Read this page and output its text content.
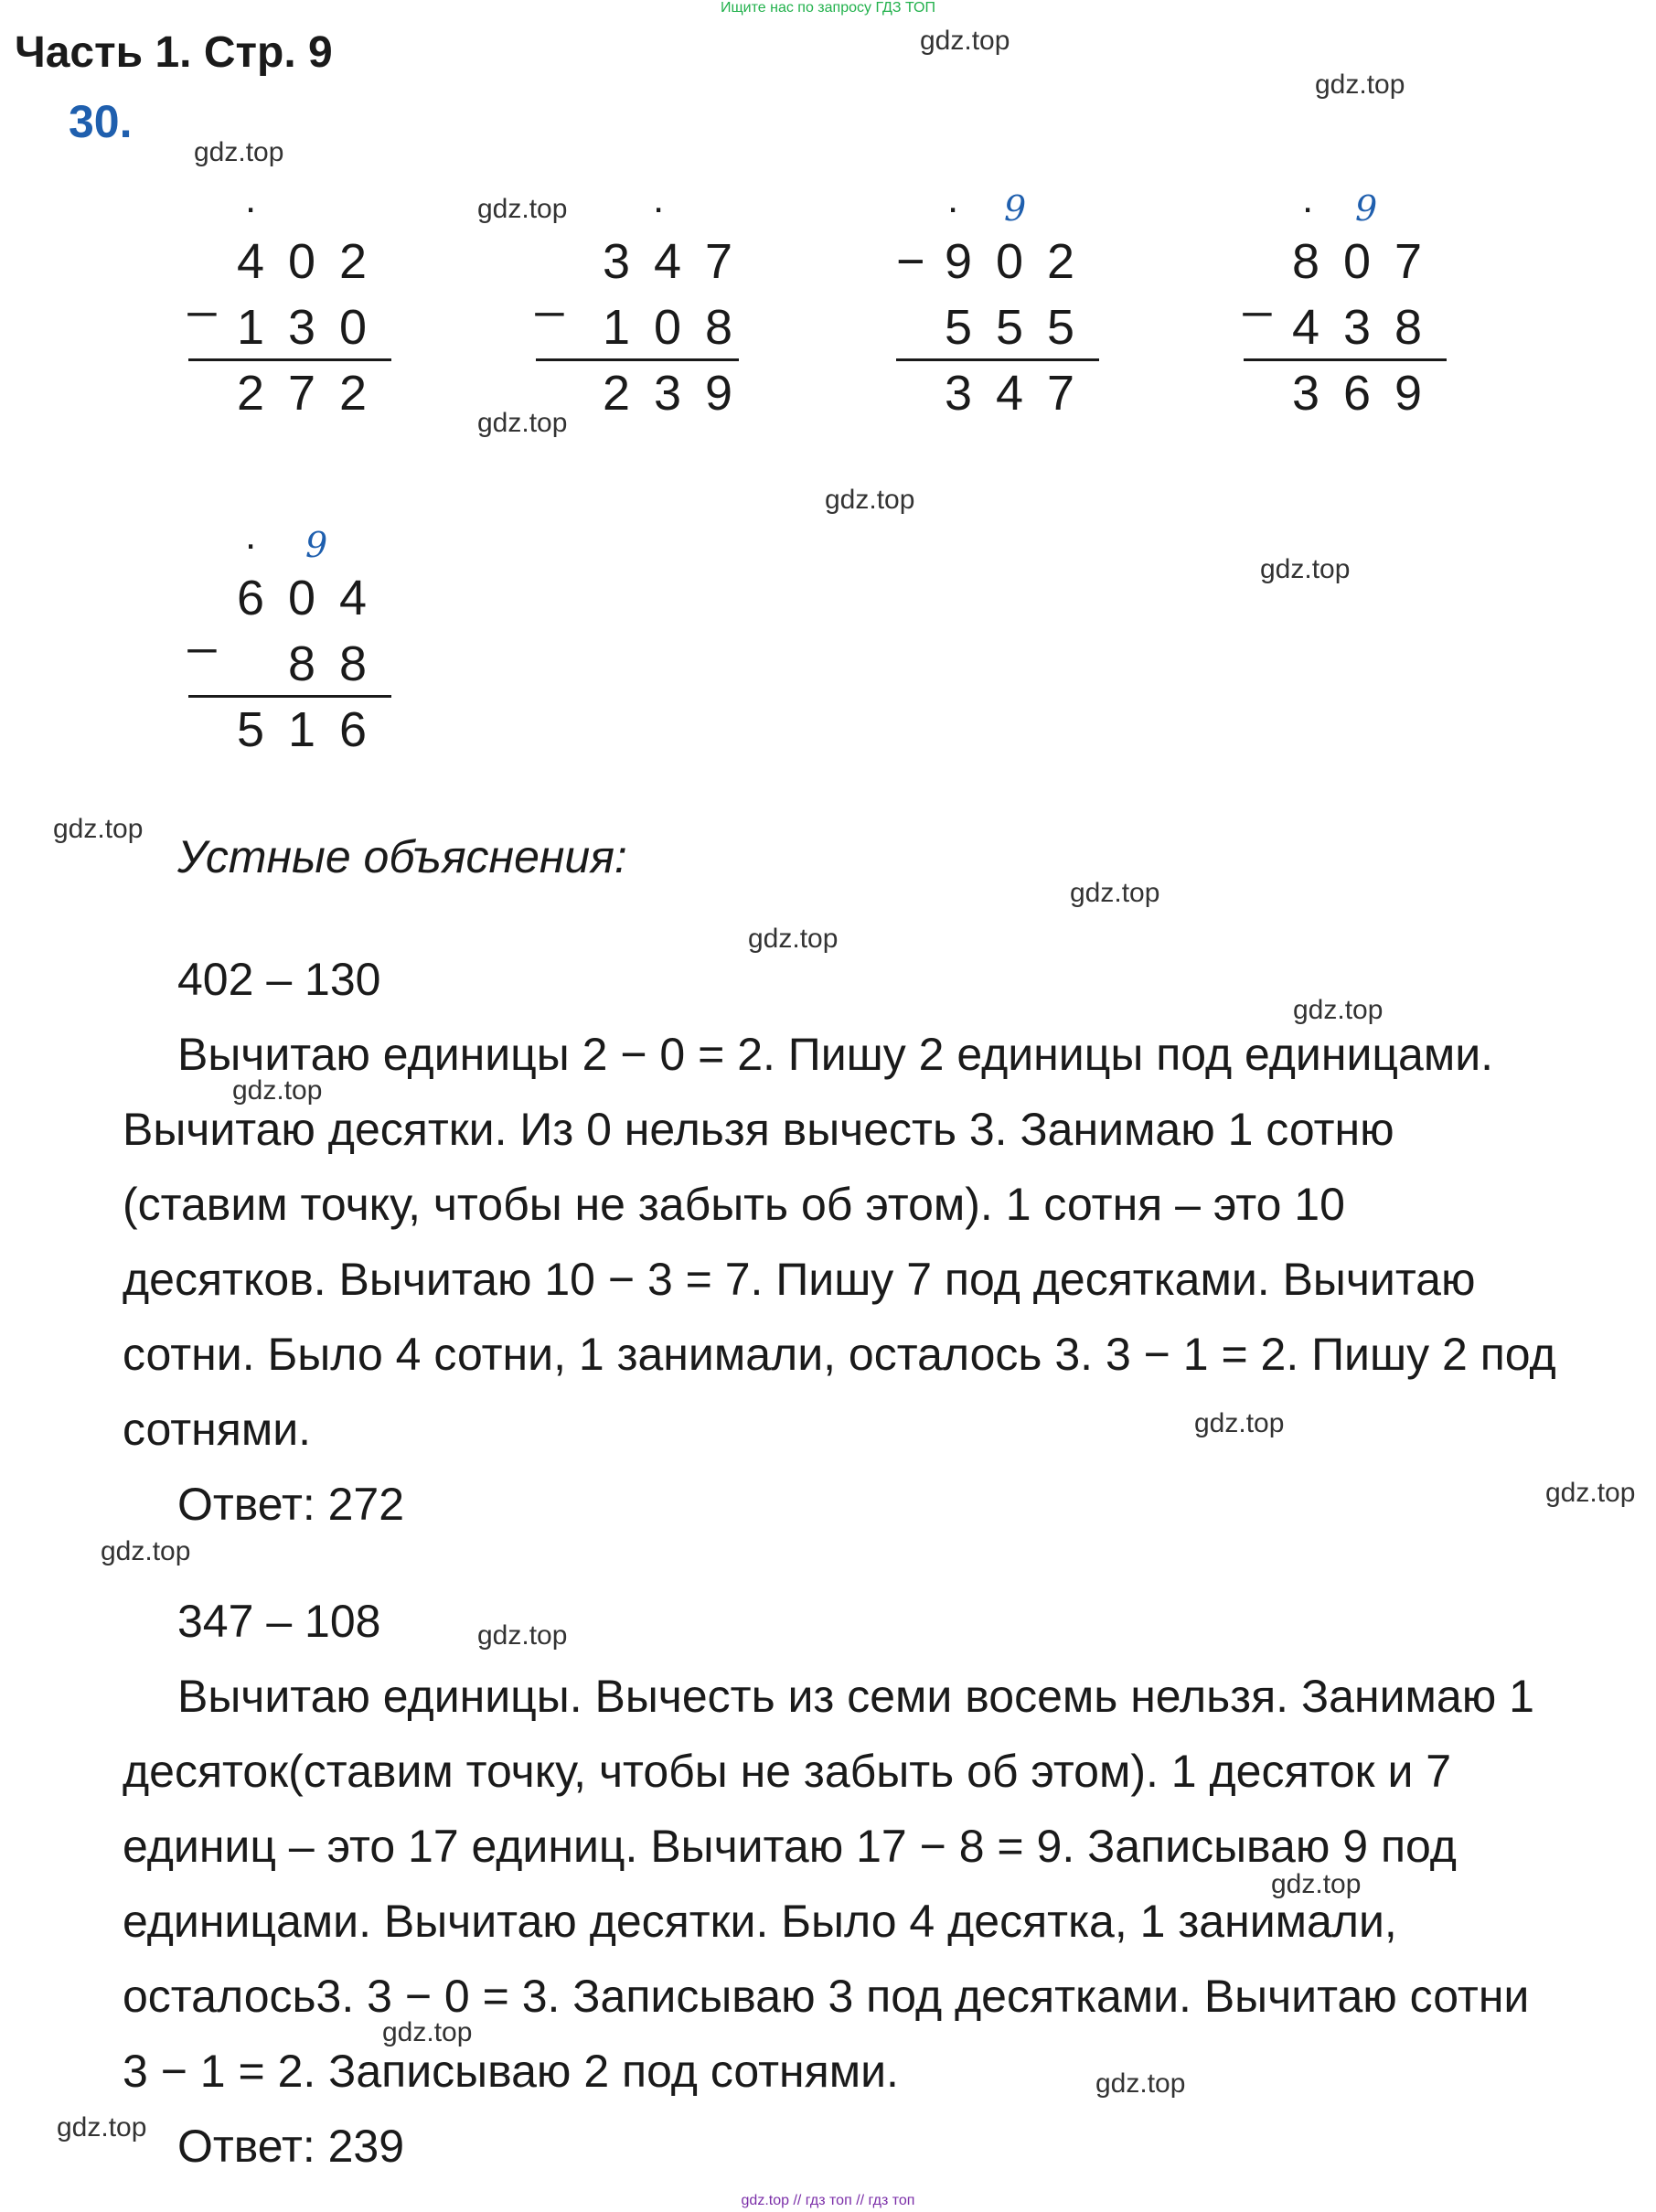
Ищите нас по запросу ГДЗ ТОП
Часть 1. Стр. 9
30.
gdz.top
gdz.top
gdz.top
gdz.top
gdz.top
gdz.top
gdz.top
gdz.top
gdz.top
gdz.top
gdz.top
gdz.top
gdz.top
gdz.top
gdz.top
gdz.top
gdz.top
gdz.top
gdz.top
gdz.top
.
_
4 0 2
1 3 0
2 7 2
.
_
3 4 7
1 0 8
2 3 9
. 9
− 9 0 2
5 5 5
3 4 7
. 9
_
8 0 7
4 3 8
3 6 9
. 9
_
6 0 4
8 8
5 1 6
Устные объяснения:
402 – 130
Вычитаю единицы 2 − 0 = 2. Пишу 2 единицы под единицами.
Вычитаю десятки. Из 0 нельзя вычесть 3. Занимаю 1 сотню
(ставим точку, чтобы не забыть об этом). 1 сотня – это 10
десятков. Вычитаю 10 − 3 = 7. Пишу 7 под десятками. Вычитаю
сотни. Было 4 сотни, 1 занимали, осталось 3. 3 − 1 = 2. Пишу 2 под
сотнями.
Ответ: 272
347 – 108
Вычитаю единицы. Вычесть из семи восемь нельзя. Занимаю 1
десяток(ставим точку, чтобы не забыть об этом). 1 десяток и 7
единиц – это 17 единиц. Вычитаю 17 − 8 = 9. Записываю 9 под
единицами. Вычитаю десятки. Было 4 десятка, 1 занимали,
осталось3. 3 − 0 = 3. Записываю 3 под десятками. Вычитаю сотни
3 − 1 = 2. Записываю 2 под сотнями.
Ответ: 239
gdz.top // гдз топ // гдз топ
